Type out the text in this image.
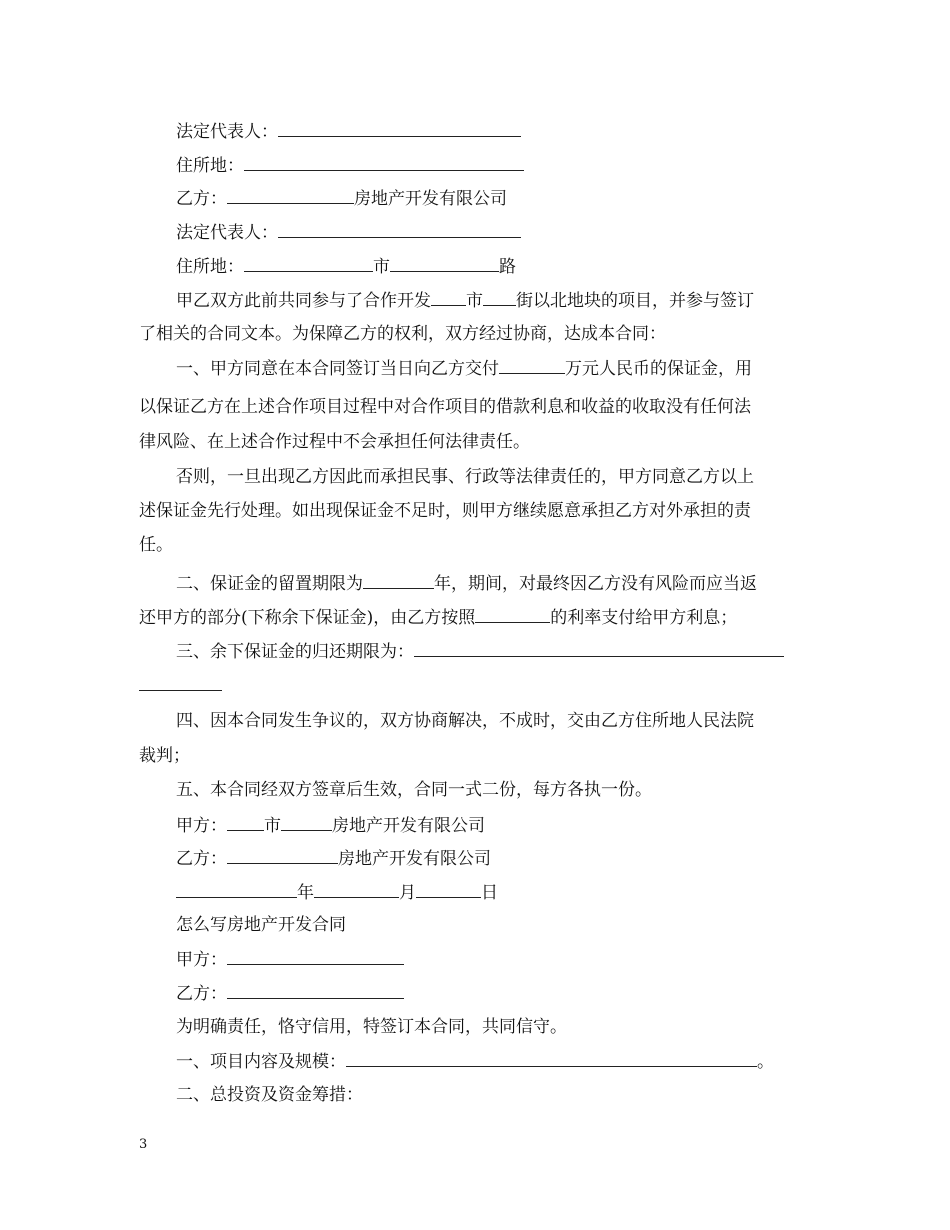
法定代表人：
住所地：
乙方：	房地产开发有限公司
法定代表人：
住所地：	市	路
甲乙双方此前共同参与了合作开发 市 街以北地块的项目，并参与签订
了相关的合同文本。为保障乙方的权利，双方经过协商，达成本合同：
一、甲方同意在本合同签订当日向乙方交付	万元人民币的保证金，用
以保证乙方在上述合作项目过程中对合作项目的借款利息和收益的收取没有任何法
律风险、在上述合作过程中不会承担任何法律责任。
否则，一旦出现乙方因此而承担民事、行政等法律责任的，甲方同意乙方以上
述保证金先行处理。如出现保证金不足时，则甲方继续愿意承担乙方对外承担的责
任。
二、保证金的留置期限为	年，期间，对最终因乙方没有风险而应当返
还甲方的部分(下称余下保证金)，由乙方按照	的利率支付给甲方利息；
三、余下保证金的归还期限为：
四、因本合同发生争议的，双方协商解决，不成时，交由乙方住所地人民法院
裁判；
五、本合同经双方签章后生效，合同一式二份，每方各执一份。
甲方： 市	房地产开发有限公司
乙方：	房地产开发有限公司
年	月	日
怎么写房地产开发合同
甲方：
乙方：
为明确责任，恪守信用，特签订本合同，共同信守。
一、项目内容及规模：	。
二、总投资及资金筹措：
3
